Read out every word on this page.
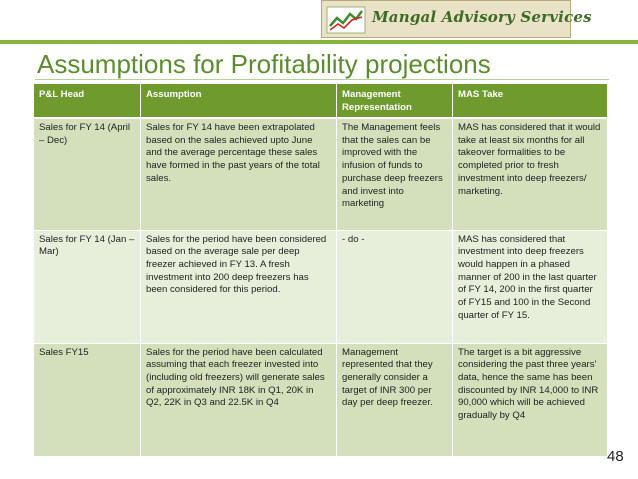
Mangal Advisory Services
Assumptions for Profitability projections
P&L Head	Assumption	Management Representation	MAS Take
Sales for FY 14 (April – Dec)	Sales for FY 14 have been extrapolated based on the sales achieved upto June and the average percentage these sales have formed in the past years of the total sales.	The Management feels that the sales can be improved with the infusion of funds to purchase deep freezers and invest into marketing	MAS has considered that it would take at least six months for all takeover formalities to be completed prior to fresh investment into deep freezers/ marketing.
Sales for FY 14 (Jan – Mar)	Sales for the period have been considered based on the average sale per deep freezer achieved in FY 13. A fresh investment into 200 deep freezers has been considered for this period.	- do -	MAS has considered that investment into deep freezers would happen in a phased manner of 200 in the last quarter of FY 14, 200 in the first quarter of FY15 and 100 in the Second quarter of FY 15.
Sales FY15	Sales for the period have been calculated assuming that each freezer invested into (including old freezers) will generate sales of approximately INR 18K in Q1, 20K in Q2, 22K in Q3 and 22.5K in Q4	Management represented that they generally consider a target of INR 300 per day per deep freezer.	The target is a bit aggressive considering the past three years' data, hence the same has been discounted by INR 14,000 to INR 90,000 which will be achieved gradually by Q4
48
